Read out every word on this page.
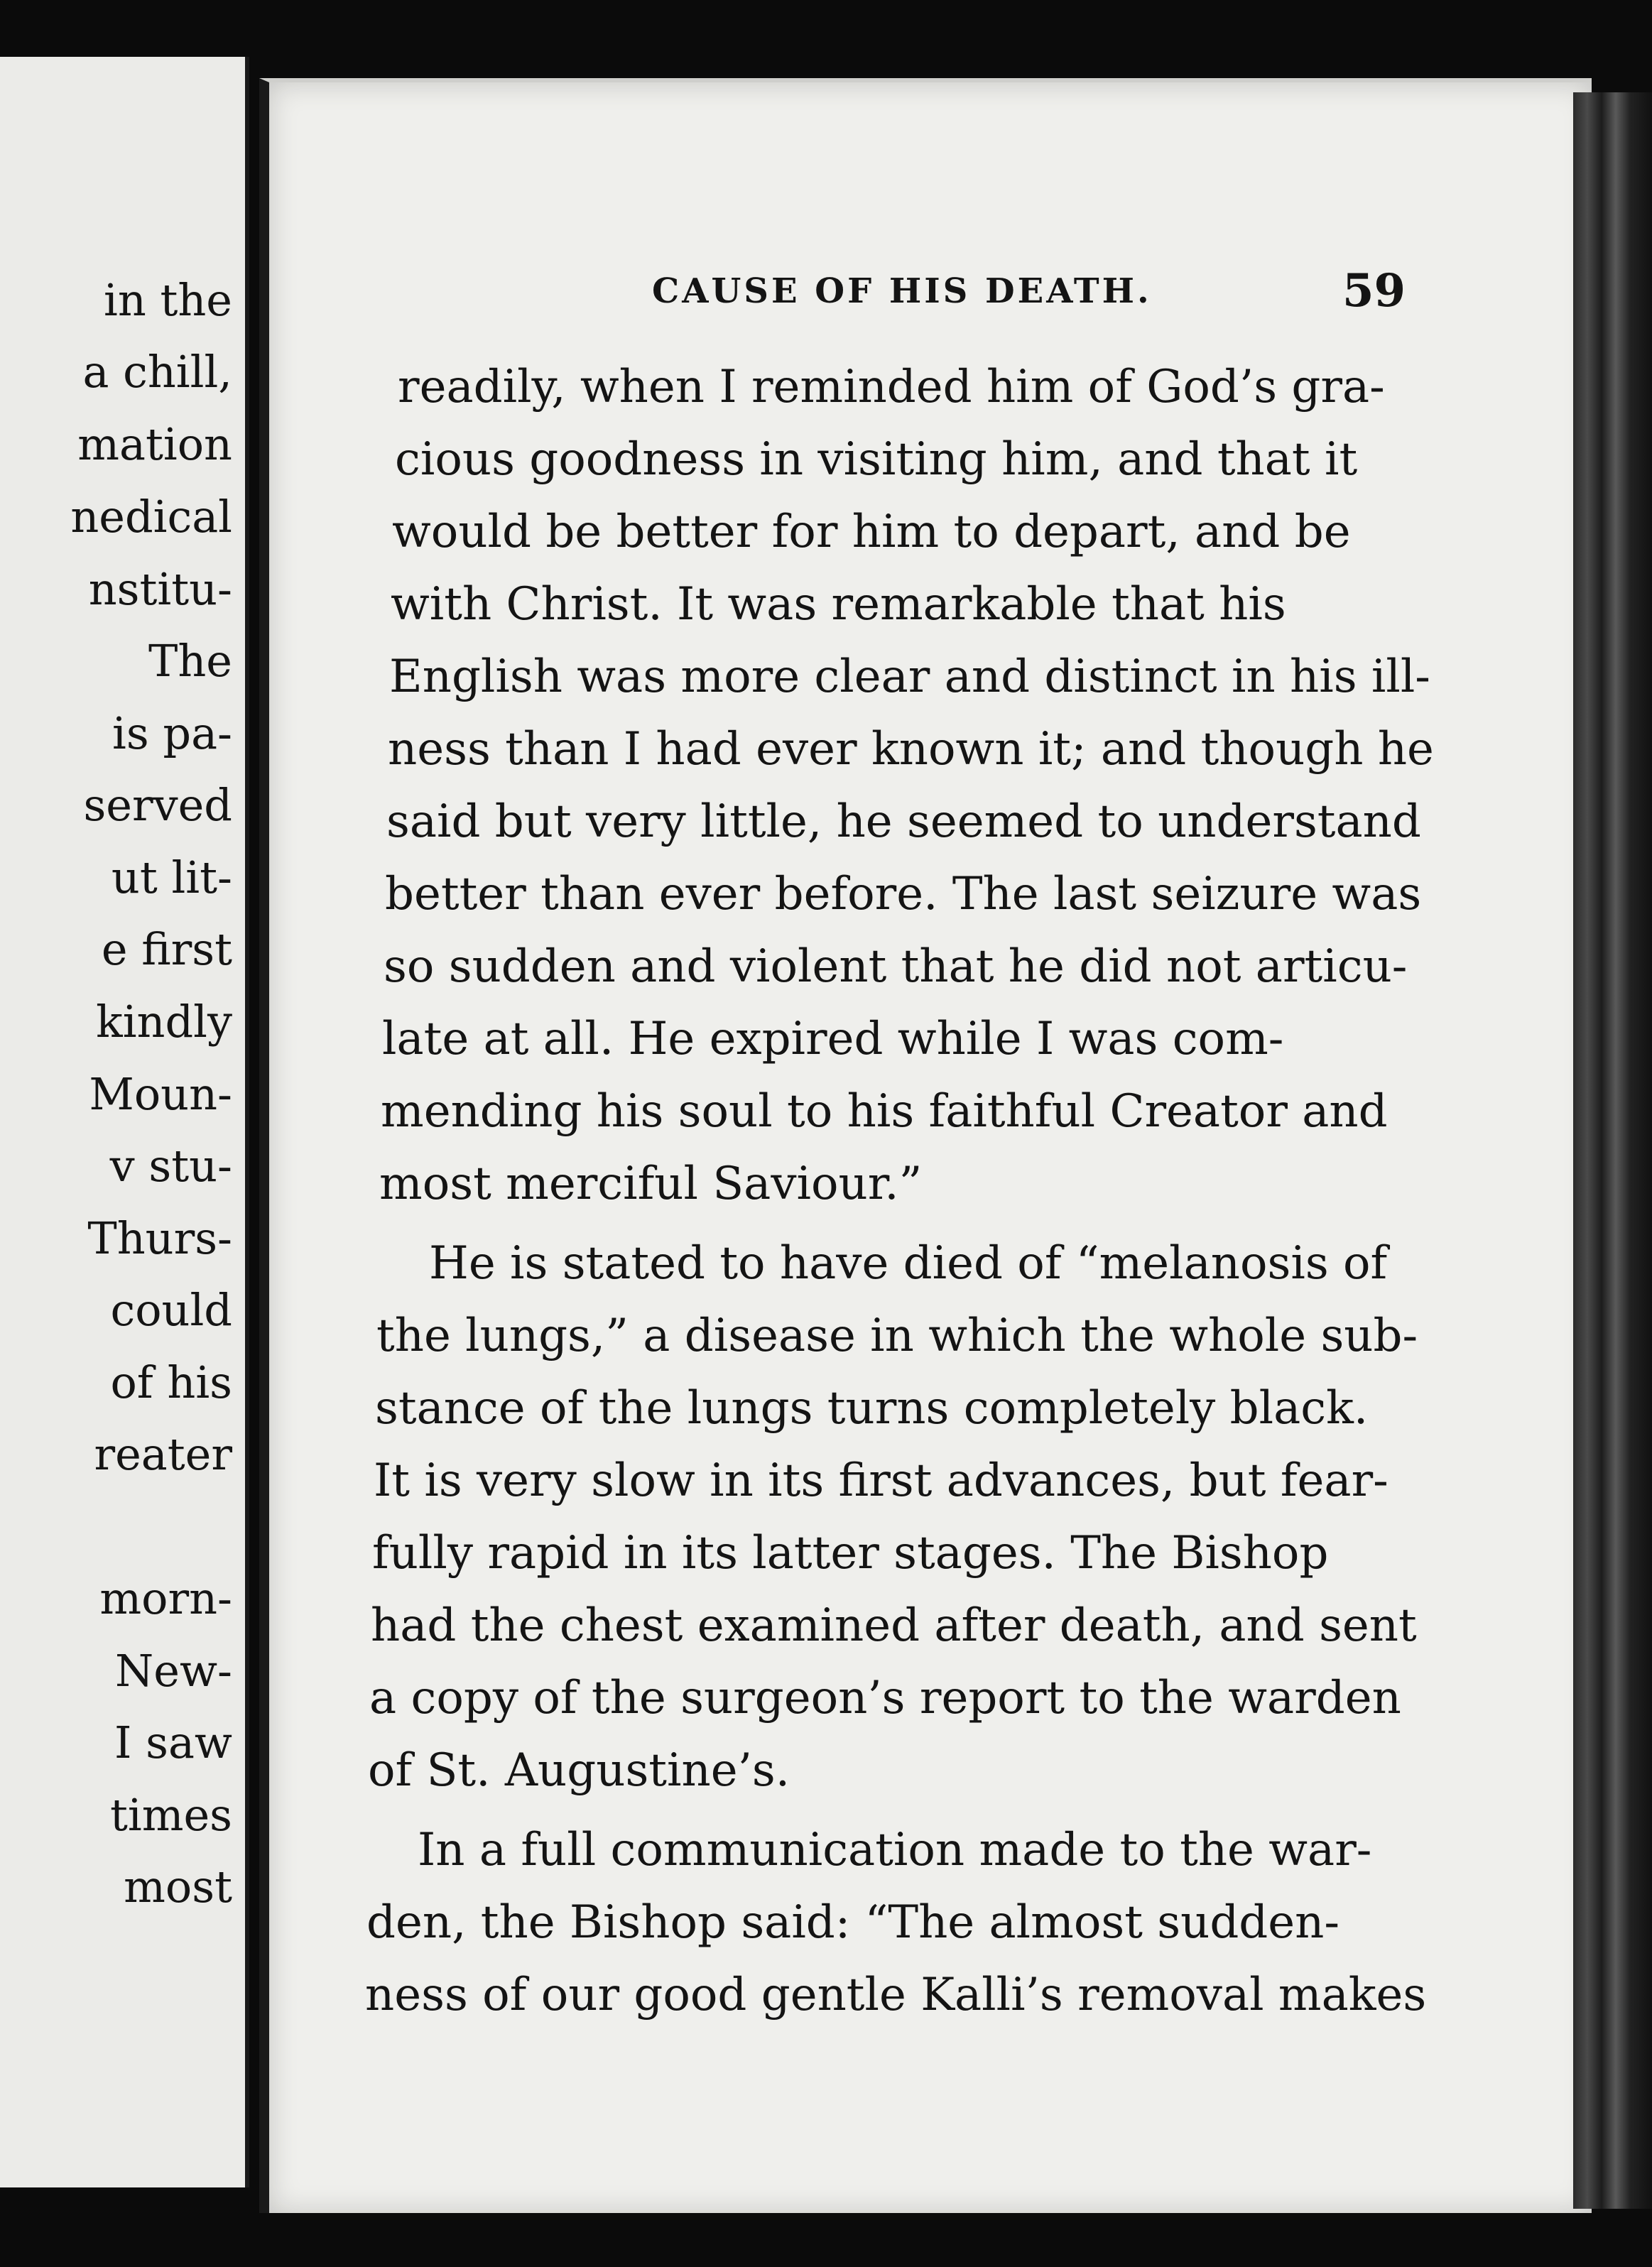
in the
a chill,
mation
nedical
nstitu-
The
is pa-
served
ut lit-
e first
kindly
Moun-
v stu-
Thurs-
could
of his
reater
morn-
New-
I saw
times
most
CAUSE OF HIS DEATH.	59
readily, when I reminded him of God’s gra-
cious goodness in visiting him, and that it
would be better for him to depart, and be
with Christ. It was remarkable that his
English was more clear and distinct in his ill-
ness than I had ever known it; and though he
said but very little, he seemed to understand
better than ever before. The last seizure was
so sudden and violent that he did not articu-
late at all. He expired while I was com-
mending his soul to his faithful Creator and
most merciful Saviour.”
He is stated to have died of “melanosis of
the lungs,” a disease in which the whole sub-
stance of the lungs turns completely black.
It is very slow in its first advances, but fear-
fully rapid in its latter stages. The Bishop
had the chest examined after death, and sent
a copy of the surgeon’s report to the warden
of St. Augustine’s.
In a full communication made to the war-
den, the Bishop said: “The almost sudden-
ness of our good gentle Kalli’s removal makes
